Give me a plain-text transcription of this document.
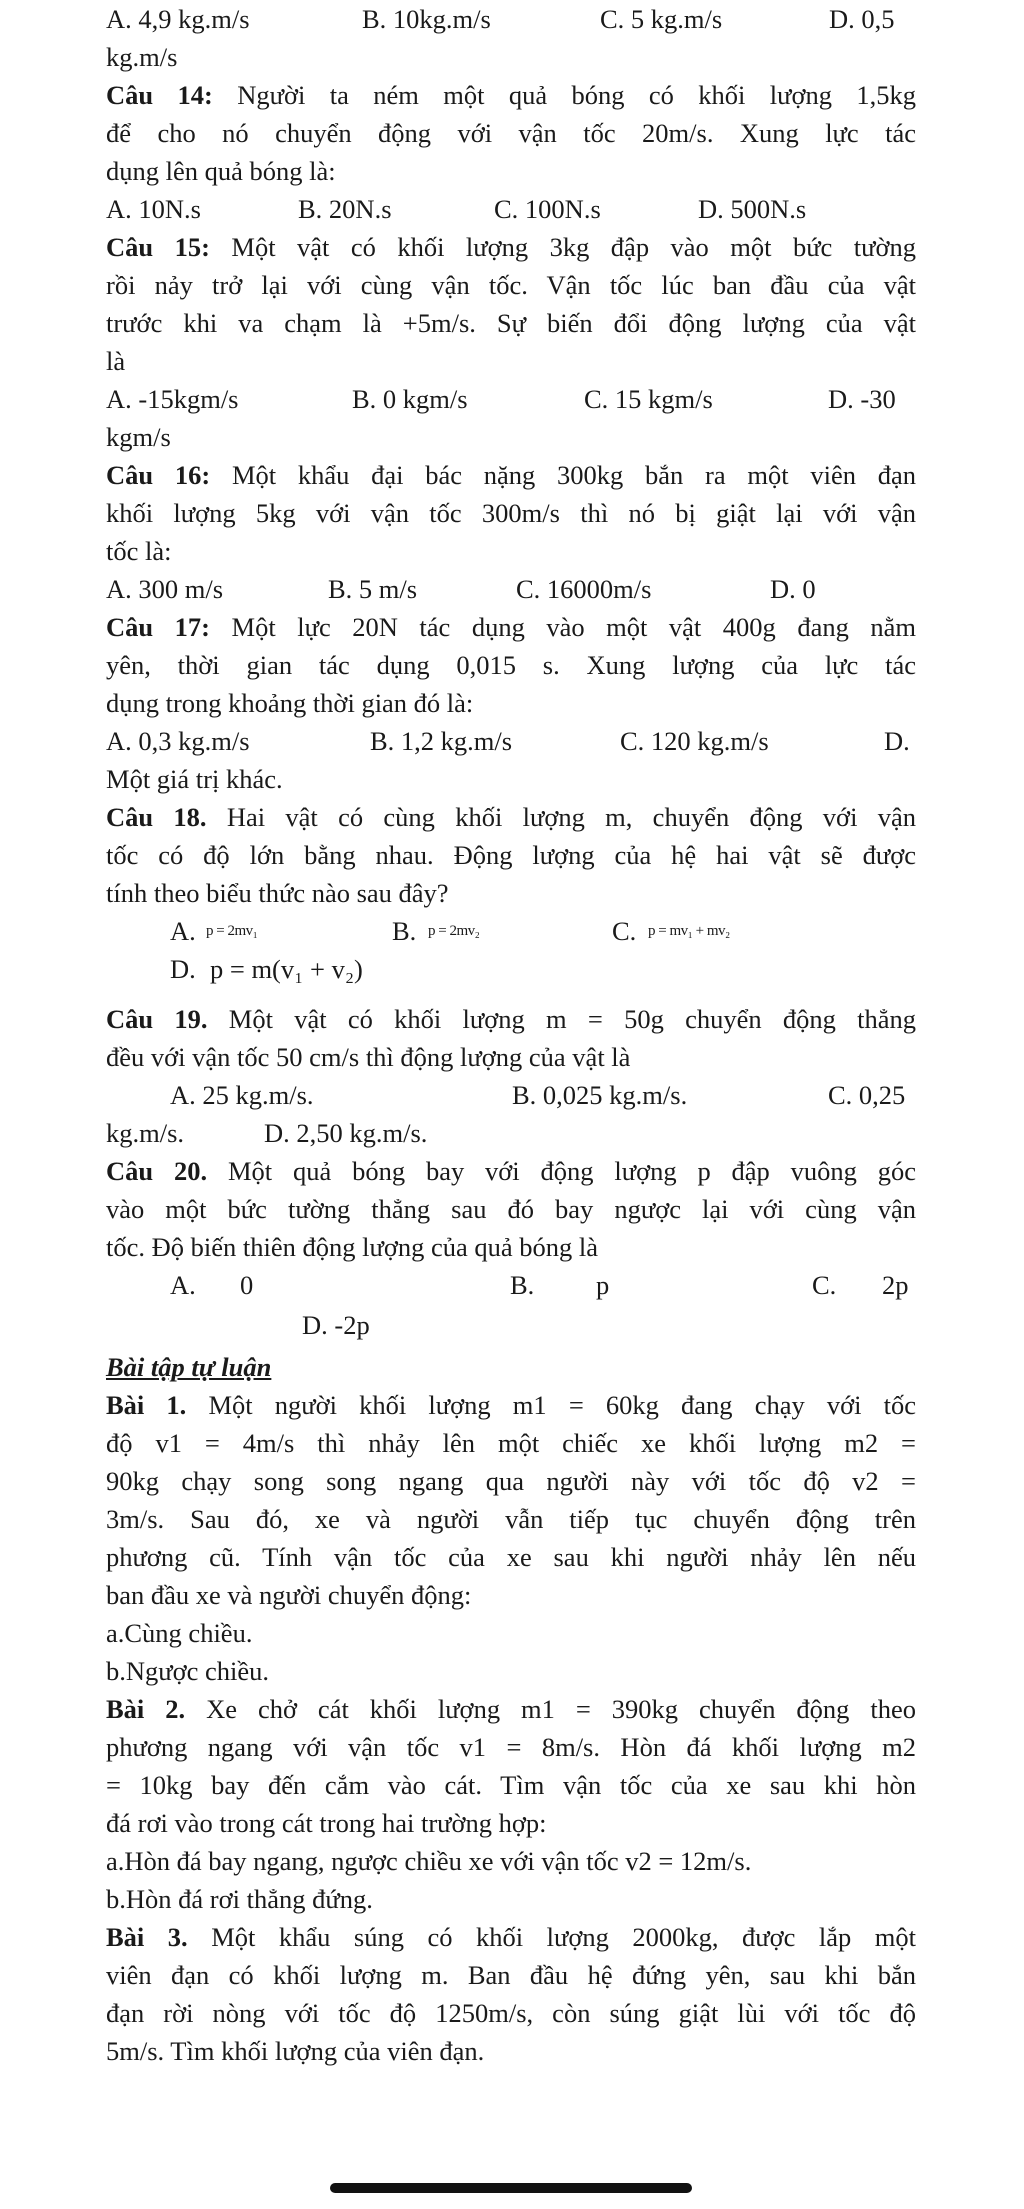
A. 4,9 kg.m/s	B. 10kg.m/s	C. 5 kg.m/s	D. 0,5
kg.m/s
Câu 14: Người ta ném một quả bóng có khối lượng 1,5kg
để cho nó chuyển động với vận tốc 20m/s. Xung lực tác
dụng lên quả bóng là:
A. 10N.s	B. 20N.s	C. 100N.s	D. 500N.s
Câu 15: Một vật có khối lượng 3kg đập vào một bức tường
rồi nảy trở lại với cùng vận tốc. Vận tốc lúc ban đầu của vật
trước khi va chạm là +5m/s. Sự biến đổi động lượng của vật
là
A. -15kgm/s	B. 0 kgm/s	C. 15 kgm/s	D. -30
kgm/s
Câu 16: Một khẩu đại bác nặng 300kg bắn ra một viên đạn
khối lượng 5kg với vận tốc 300m/s thì nó bị giật lại với vận
tốc là:
A. 300 m/s	B. 5 m/s	C. 16000m/s	D. 0
Câu 17: Một lực 20N tác dụng vào một vật 400g đang nằm
yên, thời gian tác dụng 0,015 s. Xung lượng của lực tác
dụng trong khoảng thời gian đó là:
A. 0,3 kg.m/s	B. 1,2 kg.m/s	C. 120 kg.m/s	D.
Một giá trị khác.
Câu 18. Hai vật có cùng khối lượng m, chuyển động với vận
tốc có độ lớn bằng nhau. Động lượng của hệ hai vật sẽ được
tính theo biểu thức nào sau đây?
A. p = 2mv₁	B. p = 2mv₂	C. p = mv₁ + mv₂
D. p = m(v₁ + v₂)
Câu 19. Một vật có khối lượng m = 50g chuyển động thẳng
đều với vận tốc 50 cm/s thì động lượng của vật là
A. 25 kg.m/s.	B. 0,025 kg.m/s.	C. 0,25
kg.m/s.	D. 2,50 kg.m/s.
Câu 20. Một quả bóng bay với động lượng p đập vuông góc
vào một bức tường thẳng sau đó bay ngược lại với cùng vận
tốc. Độ biến thiên động lượng của quả bóng là
A.	0	B.	p	C.	2p
D. -2p
Bài tập tự luận
Bài 1. Một người khối lượng m1 = 60kg đang chạy với tốc
độ v1 = 4m/s thì nhảy lên một chiếc xe khối lượng m2 =
90kg chạy song song ngang qua người này với tốc độ v2 =
3m/s. Sau đó, xe và người vẫn tiếp tục chuyển động trên
phương cũ. Tính vận tốc của xe sau khi người nhảy lên nếu
ban đầu xe và người chuyển động:
a.Cùng chiều.
b.Ngược chiều.
Bài 2. Xe chở cát khối lượng m1 = 390kg chuyển động theo
phương ngang với vận tốc v1 = 8m/s. Hòn đá khối lượng m2
= 10kg bay đến cắm vào cát. Tìm vận tốc của xe sau khi hòn
đá rơi vào trong cát trong hai trường hợp:
a.Hòn đá bay ngang, ngược chiều xe với vận tốc v2 = 12m/s.
b.Hòn đá rơi thẳng đứng.
Bài 3. Một khẩu súng có khối lượng 2000kg, được lắp một
viên đạn có khối lượng m. Ban đầu hệ đứng yên, sau khi bắn
đạn rời nòng với tốc độ 1250m/s, còn súng giật lùi với tốc độ
5m/s. Tìm khối lượng của viên đạn.
